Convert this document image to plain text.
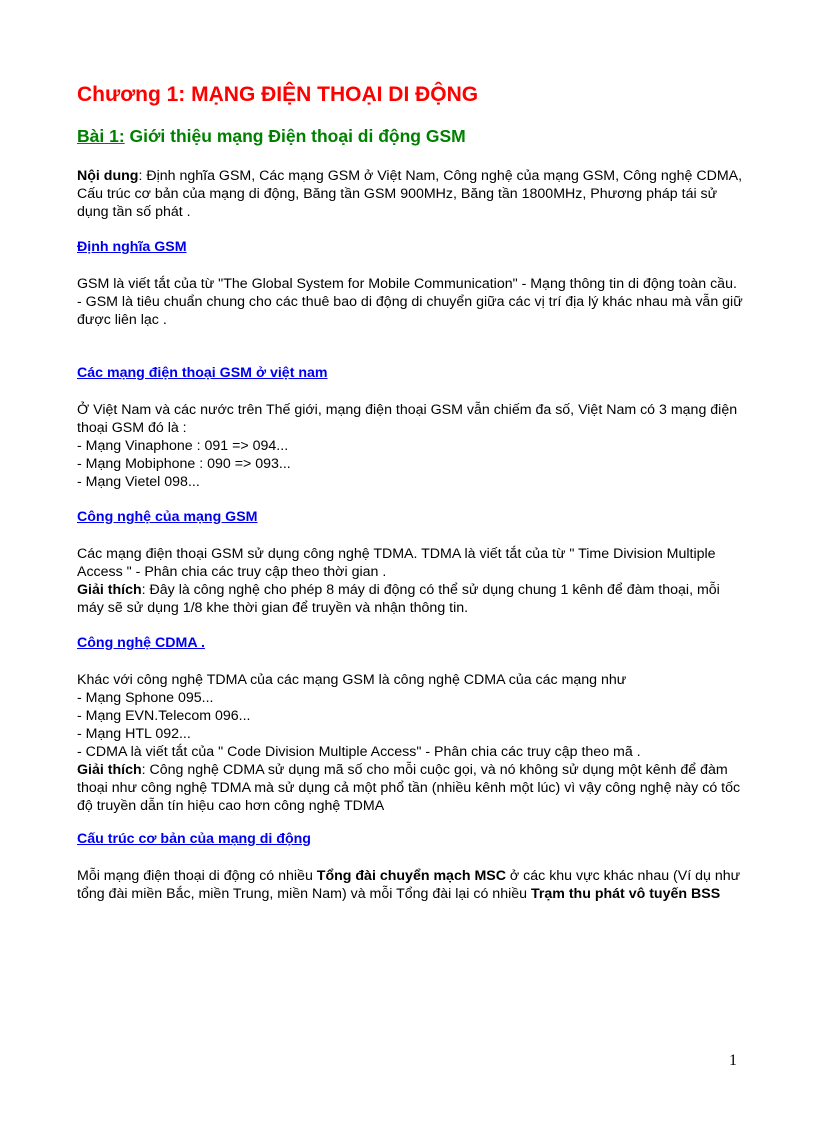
Chương 1: MẠNG ĐIỆN THOẠI DI ĐỘNG
Bài 1: Giới thiệu mạng Điện thoại di động GSM

Nội dung: Định nghĩa GSM, Các mạng GSM ở Việt Nam, Công nghệ của mạng GSM, Công nghệ CDMA, Cấu trúc cơ bản của mạng di động, Băng tần GSM 900MHz, Băng tần 1800MHz, Phương pháp tái sử dụng tần số phát .

Định nghĩa GSM

GSM là viết tắt của từ "The Global System for Mobile Communication" - Mạng thông tin di động toàn cầu.

- GSM là tiêu chuẩn chung cho các thuê bao di động di chuyển giữa các vị trí địa lý khác nhau mà vẫn giữ được liên lạc .

Các mạng điện thoại GSM ở việt nam

Ở Việt Nam và các nước trên Thế giới, mạng điện thoại GSM vẫn chiếm đa số, Việt Nam có 3 mạng điện thoại GSM đó là :

- Mạng Vinaphone : 091 => 094...

- Mạng Mobiphone : 090 => 093...

- Mạng Vietel 098...

Công nghệ của mạng GSM

Các mạng điện thoại GSM sử dụng công nghệ TDMA. TDMA là viết tắt của từ " Time Division Multiple Access " - Phân chia các truy cập theo thời gian .

Giải thích: Đây là công nghệ cho phép 8 máy di động có thể sử dụng chung 1 kênh để đàm thoại, mỗi máy sẽ sử dụng 1/8 khe thời gian để truyền và nhận thông tin.

Công nghệ CDMA .

Khác với công nghệ TDMA của các mạng GSM là công nghệ CDMA của các mạng như

- Mạng Sphone 095...

- Mạng EVN.Telecom 096...

- Mạng HTL 092...

- CDMA là viết tắt của " Code Division Multiple Access" - Phân chia các truy cập theo mã .

Giải thích: Công nghệ CDMA sử dụng mã số cho mỗi cuộc gọi, và nó không sử dụng một kênh để đàm thoại như công nghệ TDMA mà sử dụng cả một phổ tần (nhiều kênh một lúc) vì vậy công nghệ này có tốc độ truyền dẫn tín hiệu cao hơn công nghệ TDMA

Cấu trúc cơ bản của mạng di động

Mỗi mạng điện thoại di động có nhiều Tổng đài chuyển mạch MSC ở các khu vực khác nhau (Ví dụ như tổng đài miền Bắc, miền Trung, miền Nam) và mỗi Tổng đài lại có nhiều Trạm thu phát vô tuyến BSS

1
